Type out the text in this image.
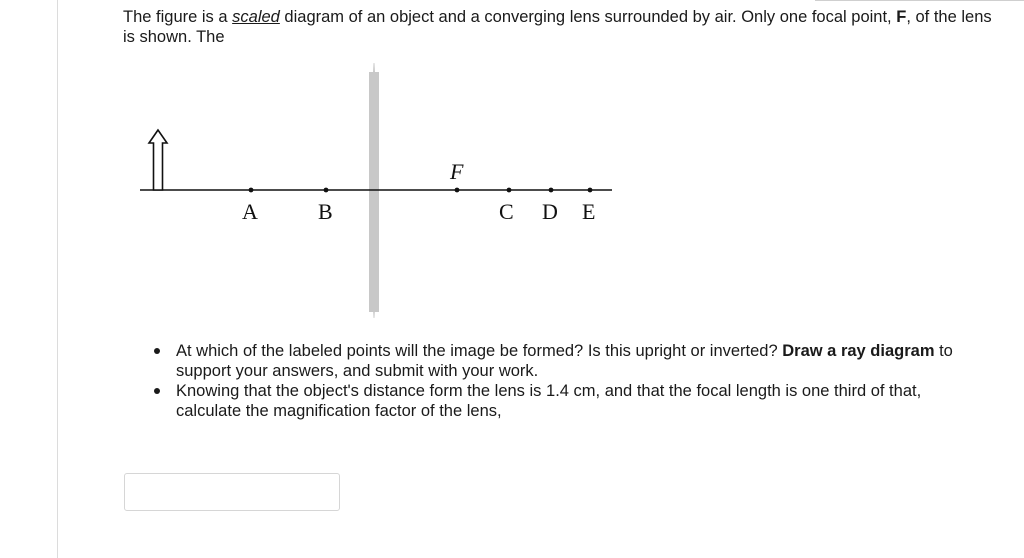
The figure is a scaled diagram of an object and a converging lens surrounded by air. Only one focal point, F, of the lens is shown. The
F
A	B	C D E
At which of the labeled points will the image be formed? Is this upright or inverted? Draw a ray diagram to support your answers, and submit with your work.
Knowing that the object's distance form the lens is 1.4 cm, and that the focal length is one third of that, calculate the magnification factor of the lens,
